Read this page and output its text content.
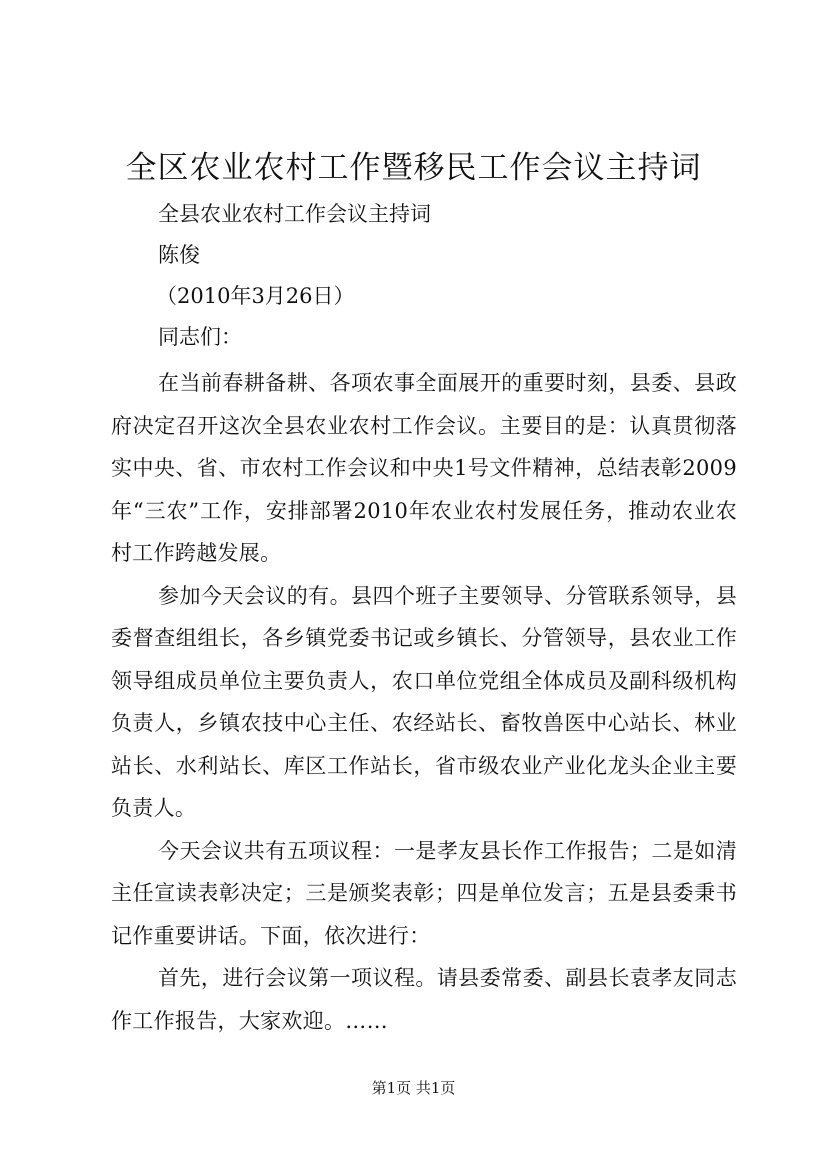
全区农业农村工作暨移民工作会议主持词
全县农业农村工作会议主持词
陈俊
（2010年3月26日）
同志们：

在当前春耕备耕、各项农事全面展开的重要时刻，县委、县政府决定召开这次全县农业农村工作会议。主要目的是：认真贯彻落实中央、省、市农村工作会议和中央1号文件精神，总结表彰2009年“三农”工作，安排部署2010年农业农村发展任务，推动农业农村工作跨越发展。

参加今天会议的有。县四个班子主要领导、分管联系领导，县委督查组组长，各乡镇党委书记或乡镇长、分管领导，县农业工作领导组成员单位主要负责人，农口单位党组全体成员及副科级机构负责人，乡镇农技中心主任、农经站长、畜牧兽医中心站长、林业站长、水利站长、库区工作站长，省市级农业产业化龙头企业主要负责人。

今天会议共有五项议程：一是孝友县长作工作报告；二是如清主任宣读表彰决定；三是颁奖表彰；四是单位发言；五是县委秉书记作重要讲话。下面，依次进行：

首先，进行会议第一项议程。请县委常委、副县长袁孝友同志作工作报告，大家欢迎。……

第1页 共1页
